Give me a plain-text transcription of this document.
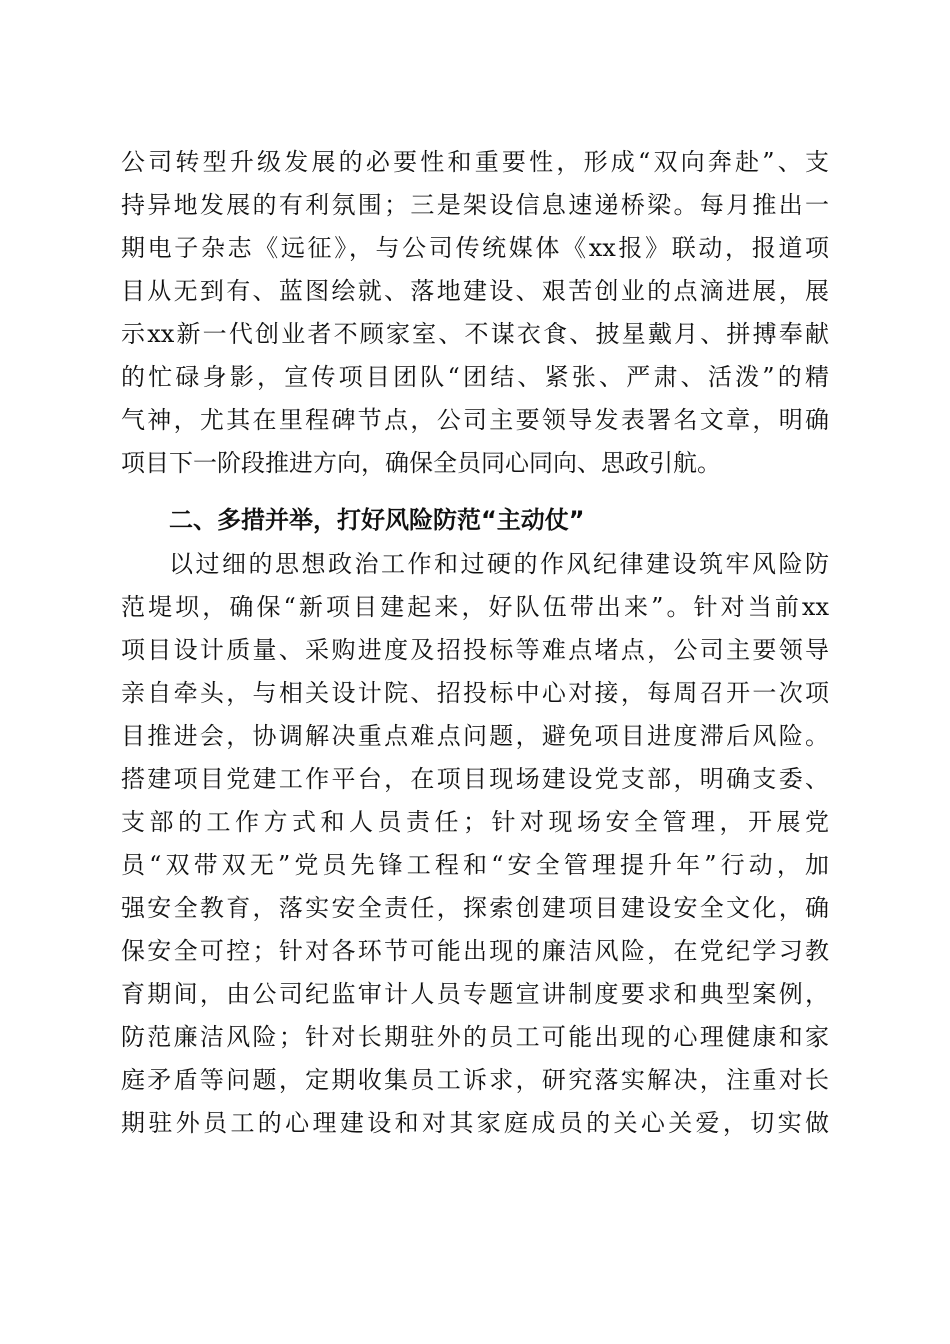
公司转型升级发展的必要性和重要性，形成“双向奔赴”、支
持异地发展的有利氛围；三是架设信息速递桥梁。每月推出一
期电子杂志《远征》，与公司传统媒体《xx报》联动，报道项
目从无到有、蓝图绘就、落地建设、艰苦创业的点滴进展，展
示xx新一代创业者不顾家室、不谋衣食、披星戴月、拼搏奉献
的忙碌身影，宣传项目团队“团结、紧张、严肃、活泼”的精
气神，尤其在里程碑节点，公司主要领导发表署名文章，明确
项目下一阶段推进方向，确保全员同心同向、思政引航。
二、多措并举，打好风险防范“主动仗”
以过细的思想政治工作和过硬的作风纪律建设筑牢风险防
范堤坝，确保“新项目建起来，好队伍带出来”。针对当前xx
项目设计质量、采购进度及招投标等难点堵点，公司主要领导
亲自牵头，与相关设计院、招投标中心对接，每周召开一次项
目推进会，协调解决重点难点问题，避免项目进度滞后风险。
搭建项目党建工作平台，在项目现场建设党支部，明确支委、
支部的工作方式和人员责任；针对现场安全管理，开展党
员“双带双无”党员先锋工程和“安全管理提升年”行动，加
强安全教育，落实安全责任，探索创建项目建设安全文化，确
保安全可控；针对各环节可能出现的廉洁风险，在党纪学习教
育期间，由公司纪监审计人员专题宣讲制度要求和典型案例，
防范廉洁风险；针对长期驻外的员工可能出现的心理健康和家
庭矛盾等问题，定期收集员工诉求，研究落实解决，注重对长
期驻外员工的心理建设和对其家庭成员的关心关爱，切实做
